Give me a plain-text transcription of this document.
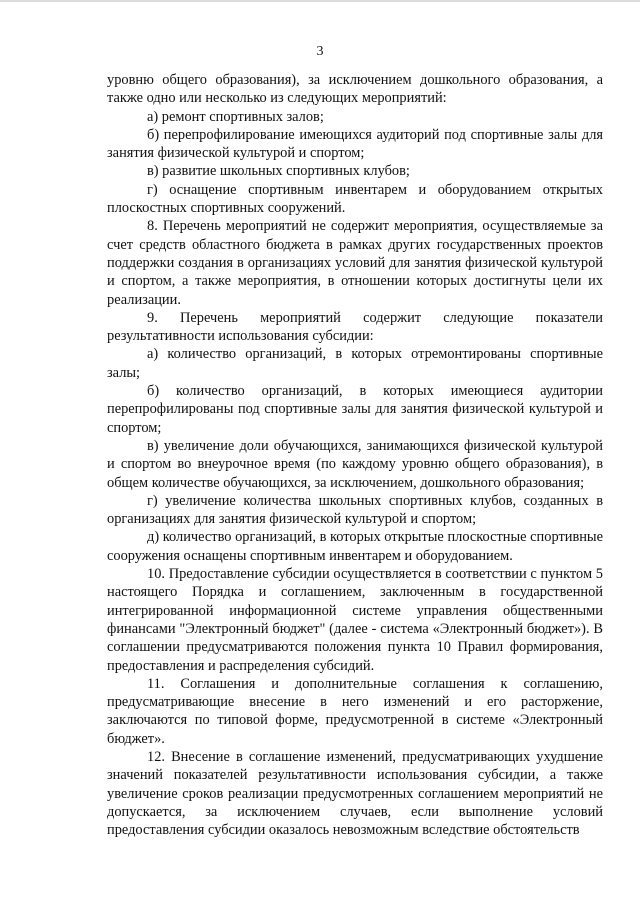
3

уровню общего образования), за исключением дошкольного образования, а также одно или несколько из следующих мероприятий:

а) ремонт спортивных залов;

б) перепрофилирование имеющихся аудиторий под спортивные залы для занятия физической культурой и спортом;

в) развитие школьных спортивных клубов;

г) оснащение спортивным инвентарем и оборудованием открытых плоскостных спортивных сооружений.

8. Перечень мероприятий не содержит мероприятия, осуществляемые за счет средств областного бюджета в рамках других государственных проектов поддержки создания в организациях условий для занятия физической культурой и спортом, а также мероприятия, в отношении которых достигнуты цели их реализации.

9. Перечень мероприятий содержит следующие показатели результативности использования субсидии:

а) количество организаций, в которых отремонтированы спортивные залы;

б) количество организаций, в которых имеющиеся аудитории перепрофилированы под спортивные залы для занятия физической культурой и спортом;

в) увеличение доли обучающихся, занимающихся физической культурой и спортом во внеурочное время (по каждому уровню общего образования), в общем количестве обучающихся, за исключением, дошкольного образования;

г) увеличение количества школьных спортивных клубов, созданных в организациях для занятия физической культурой и спортом;

д) количество организаций, в которых открытые плоскостные спортивные сооружения оснащены спортивным инвентарем и оборудованием.

10. Предоставление субсидии осуществляется в соответствии с пунктом 5 настоящего Порядка и соглашением, заключенным в государственной интегрированной информационной системе управления общественными финансами "Электронный бюджет" (далее - система «Электронный бюджет»). В соглашении предусматриваются положения пункта 10 Правил формирования, предоставления и распределения субсидий.

11. Соглашения и дополнительные соглашения к соглашению, предусматривающие внесение в него изменений и его расторжение, заключаются по типовой форме, предусмотренной в системе «Электронный бюджет».

12. Внесение в соглашение изменений, предусматривающих ухудшение значений показателей результативности использования субсидии, а также увеличение сроков реализации предусмотренных соглашением мероприятий не допускается, за исключением случаев, если выполнение условий предоставления субсидии оказалось невозможным вследствие обстоятельств
